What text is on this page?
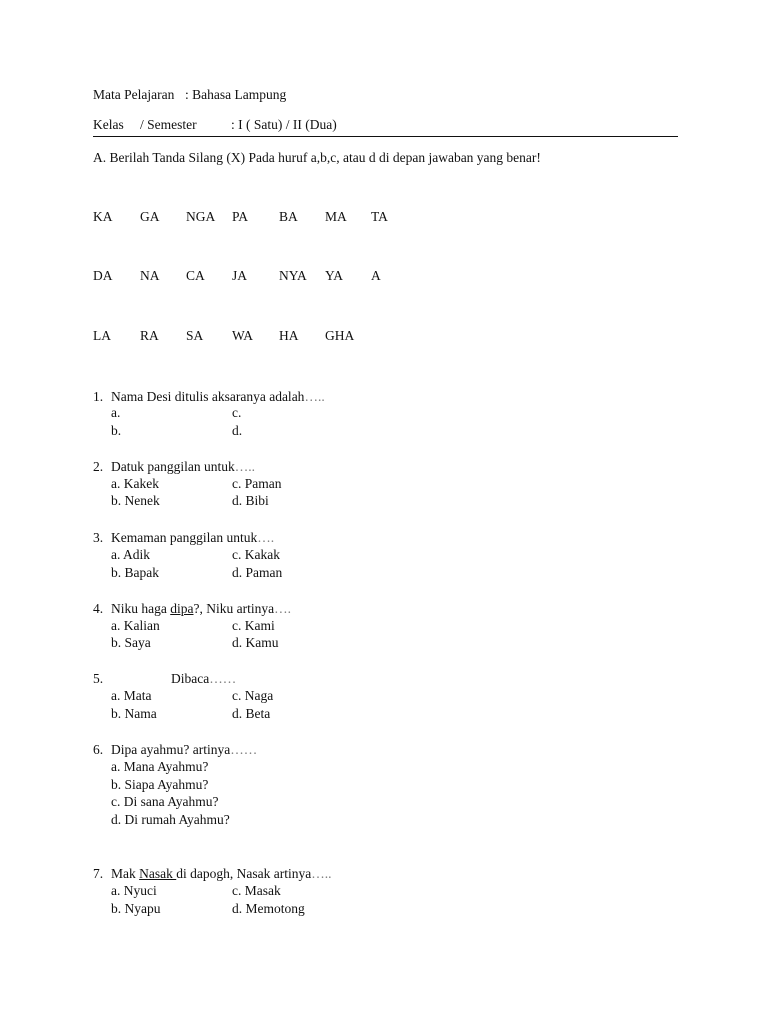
Mata Pelajaran : Bahasa Lampung
Kelas / Semester	: I ( Satu) / II (Dua)
A. Berilah Tanda Silang (X) Pada huruf a,b,c, atau d di depan jawaban yang benar!
KA GA NGA PA BA MA TA
DA NA CA JA NYA YA A
LA RA SA WA HA GHA
1. Nama Desi ditulis aksaranya adalah…..
a.	c.
b.	d.
2. Datuk panggilan untuk…..
a. Kakek	c. Paman
b. Nenek	d. Bibi
3. Kemaman panggilan untuk….
a. Adik	c. Kakak
b. Bapak	d. Paman
4. Niku haga dipa?, Niku artinya….
a. Kalian	c. Kami
b. Saya	d. Kamu
5.	Dibaca……
a. Mata	c. Naga
b. Nama	d. Beta
6. Dipa ayahmu? artinya……
a. Mana Ayahmu?
b. Siapa Ayahmu?
c. Di sana Ayahmu?
d. Di rumah Ayahmu?
7. Mak Nasak di dapogh, Nasak artinya…..
a. Nyuci	c. Masak
b. Nyapu	d. Memotong
